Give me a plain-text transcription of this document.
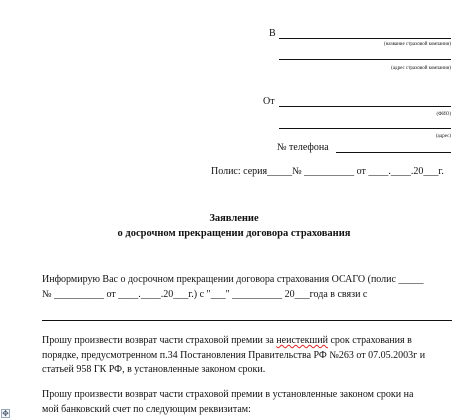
В
(название страховой компании)
(адрес страховой компании)
От
(ФИО)
(адрес)
№ телефона
Полис: серия_____№ __________ от ____.____.20___г.
Заявление
о досрочном прекращении договора страхования
Информирую Вас о досрочном прекращении договора страхования ОСАГО (полис _____
№ __________ от ____.____.20___г.) с "___" __________ 20___года в связи с
Прошу произвести возврат части страховой премии за неистекший срок страхования в
порядке, предусмотренном п.34 Постановления Правительства РФ №263 от 07.05.2003г и
статьей 958 ГК РФ, в установленные законом сроки.
Прошу произвести возврат части страховой премии в установленные законом сроки на
мой банковский счет по следующим реквизитам:
✥
